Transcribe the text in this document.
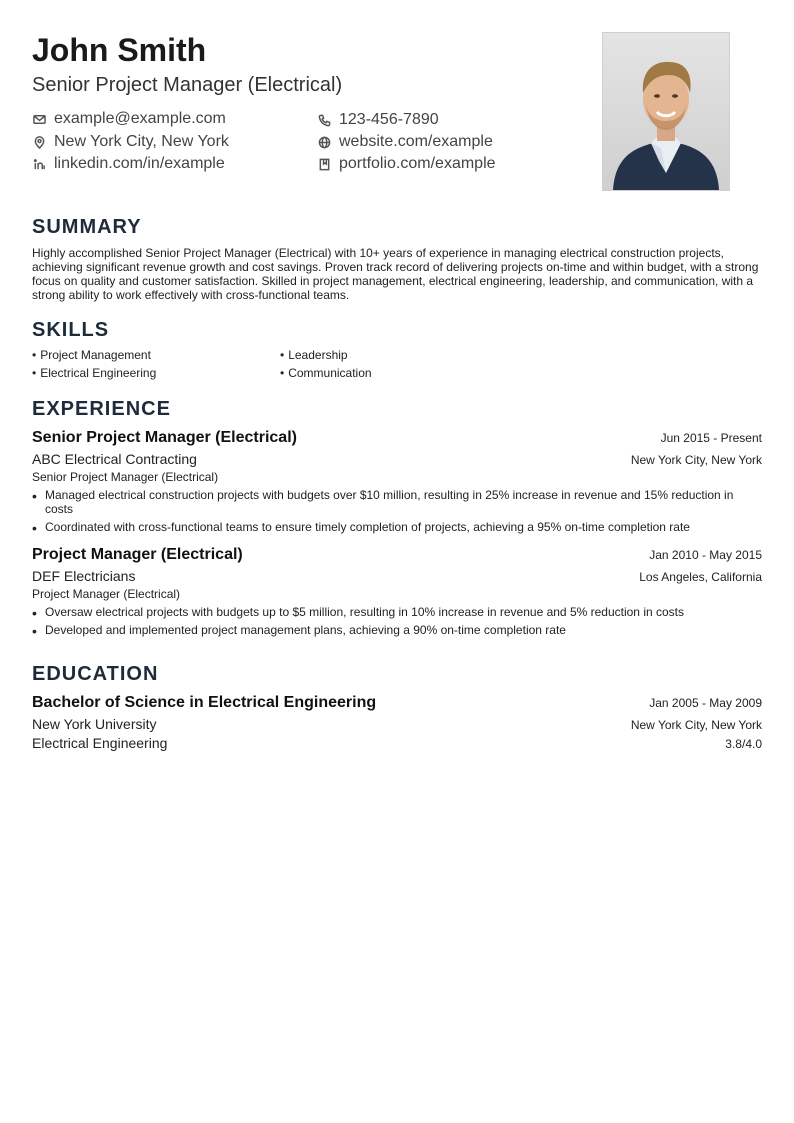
John Smith
Senior Project Manager (Electrical)
example@example.com	123-456-7890
New York City, New York	website.com/example
linkedin.com/in/example	portfolio.com/example
SUMMARY
Highly accomplished Senior Project Manager (Electrical) with 10+ years of experience in managing electrical construction projects, achieving significant revenue growth and cost savings. Proven track record of delivering projects on-time and within budget, with a strong focus on quality and customer satisfaction. Skilled in project management, electrical engineering, leadership, and communication, with a strong ability to work effectively with cross-functional teams.
SKILLS
• Project Management	• Leadership
• Electrical Engineering	• Communication
EXPERIENCE
Senior Project Manager (Electrical)	Jun 2015 - Present
ABC Electrical Contracting	New York City, New York
Senior Project Manager (Electrical)
• Managed electrical construction projects with budgets over $10 million, resulting in 25% increase in revenue and 15% reduction in costs
• Coordinated with cross-functional teams to ensure timely completion of projects, achieving a 95% on-time completion rate
Project Manager (Electrical)	Jan 2010 - May 2015
DEF Electricians	Los Angeles, California
Project Manager (Electrical)
• Oversaw electrical projects with budgets up to $5 million, resulting in 10% increase in revenue and 5% reduction in costs
• Developed and implemented project management plans, achieving a 90% on-time completion rate
EDUCATION
Bachelor of Science in Electrical Engineering	Jan 2005 - May 2009
New York University	New York City, New York
Electrical Engineering	3.8/4.0
